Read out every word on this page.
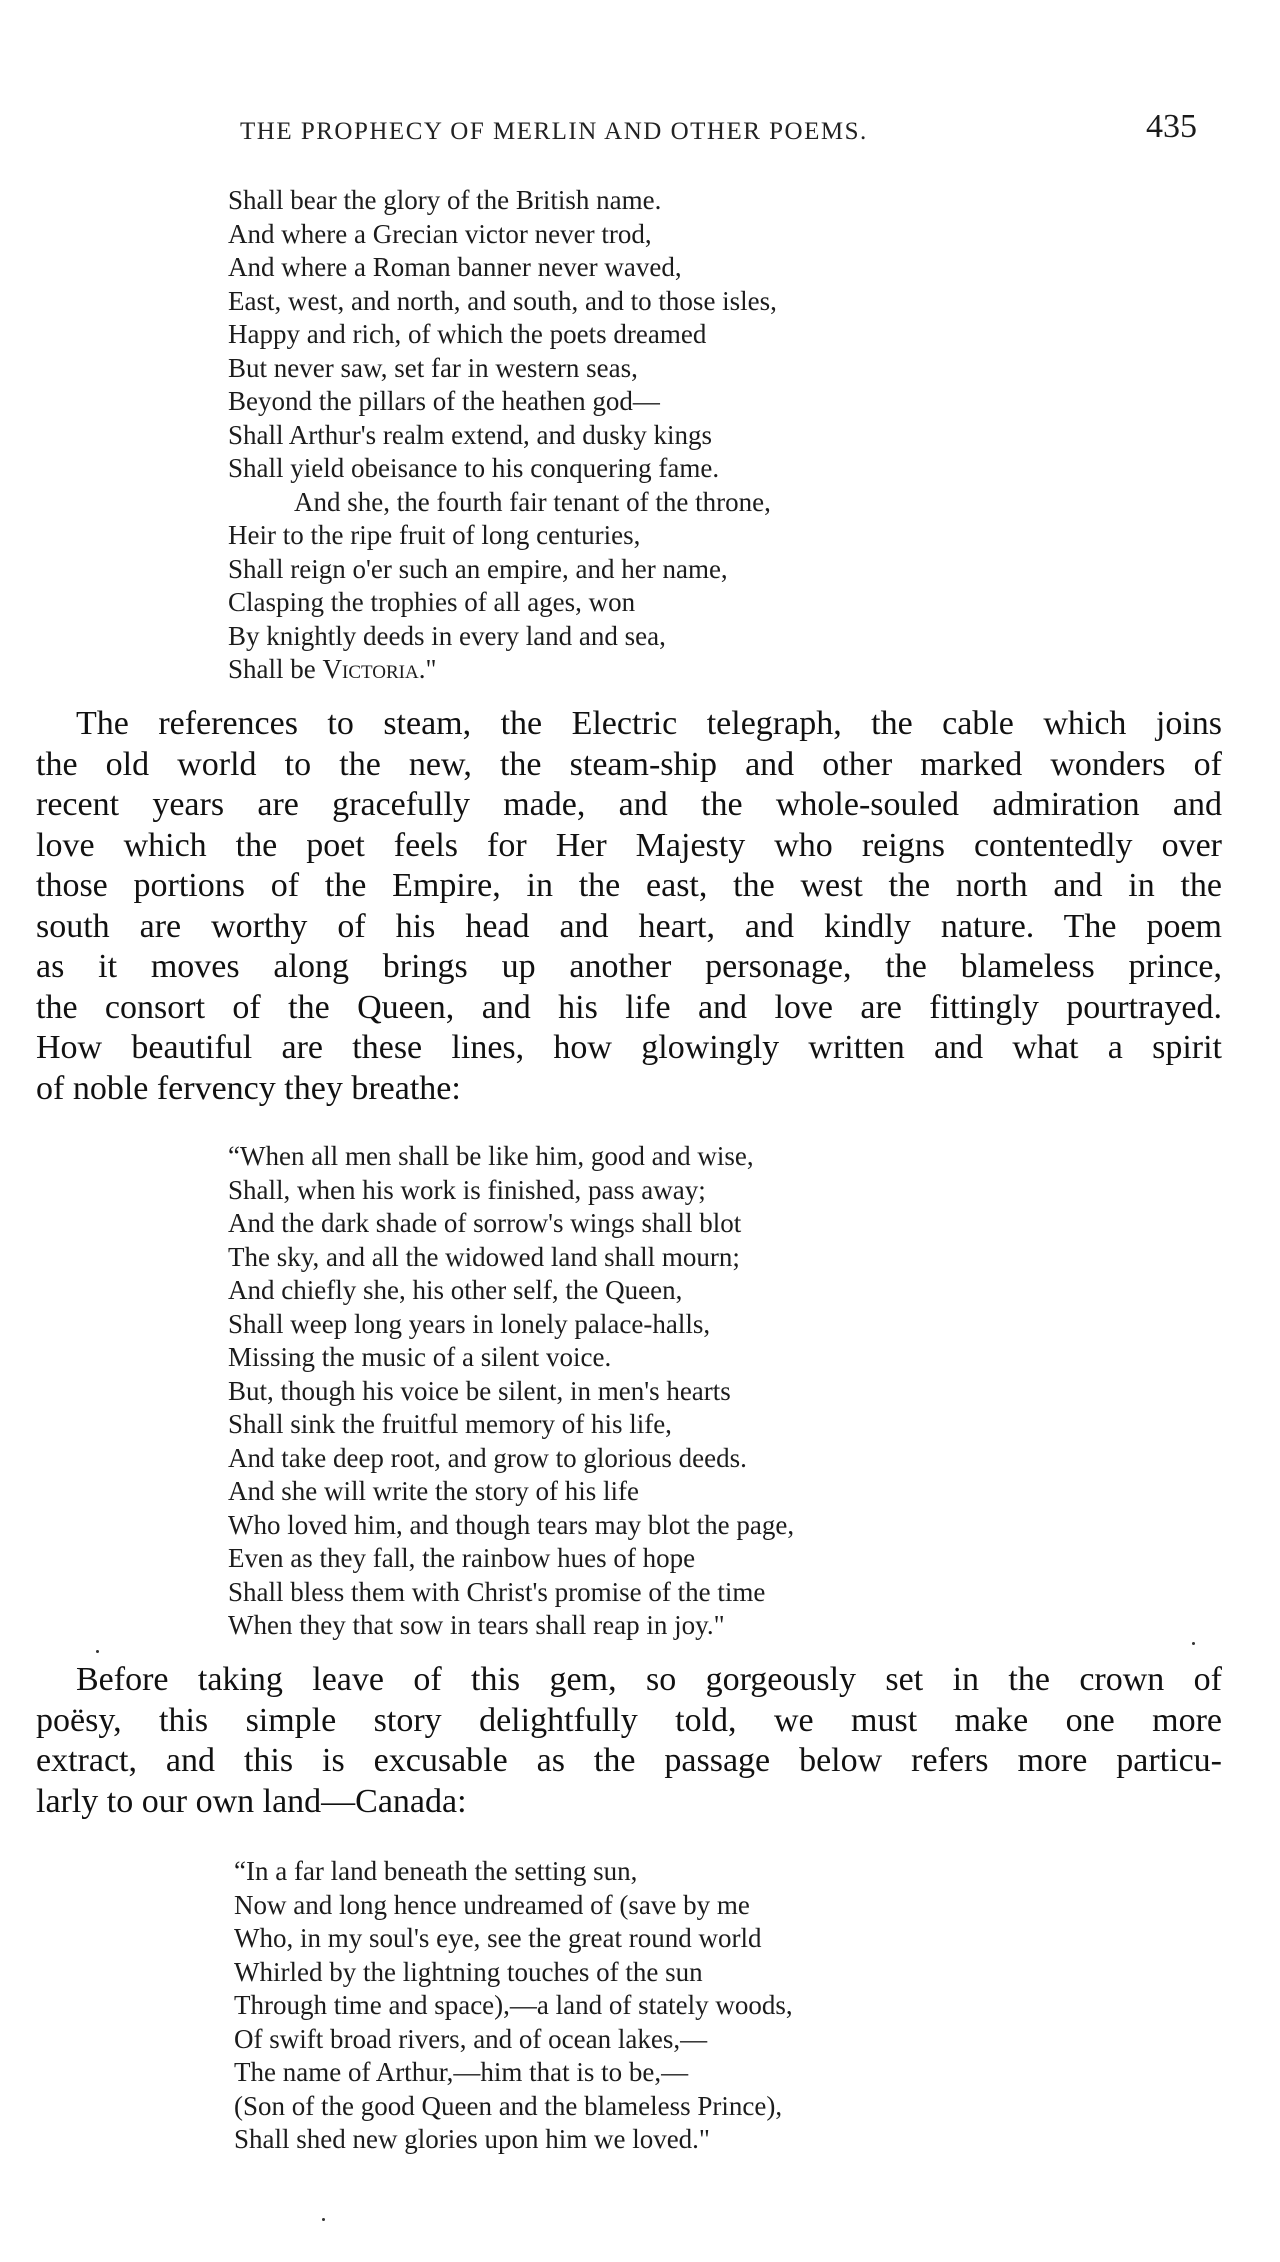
THE PROPHECY OF MERLIN AND OTHER POEMS.	435
Shall bear the glory of the British name.
And where a Grecian victor never trod,
And where a Roman banner never waved,
East, west, and north, and south, and to those isles,
Happy and rich, of which the poets dreamed
But never saw, set far in western seas,
Beyond the pillars of the heathen god—
Shall Arthur's realm extend, and dusky kings
Shall yield obeisance to his conquering fame.
And she, the fourth fair tenant of the throne,
Heir to the ripe fruit of long centuries,
Shall reign o'er such an empire, and her name,
Clasping the trophies of all ages, won
By knightly deeds in every land and sea,
Shall be Victoria."
The references to steam, the Electric telegraph, the cable which joins
the old world to the new, the steam-ship and other marked wonders of
recent years are gracefully made, and the whole-souled admiration and
love which the poet feels for Her Majesty who reigns contentedly over
those portions of the Empire, in the east, the west the north and in the
south are worthy of his head and heart, and kindly nature. The poem
as it moves along brings up another personage, the blameless prince,
the consort of the Queen, and his life and love are fittingly pourtrayed.
How beautiful are these lines, how glowingly written and what a spirit
of noble fervency they breathe:
“When all men shall be like him, good and wise,
Shall, when his work is finished, pass away;
And the dark shade of sorrow's wings shall blot
The sky, and all the widowed land shall mourn;
And chiefly she, his other self, the Queen,
Shall weep long years in lonely palace-halls,
Missing the music of a silent voice.
But, though his voice be silent, in men's hearts
Shall sink the fruitful memory of his life,
And take deep root, and grow to glorious deeds.
And she will write the story of his life
Who loved him, and though tears may blot the page,
Even as they fall, the rainbow hues of hope
Shall bless them with Christ's promise of the time
When they that sow in tears shall reap in joy."
Before taking leave of this gem, so gorgeously set in the crown of
poësy, this simple story delightfully told, we must make one more
extract, and this is excusable as the passage below refers more particu-
larly to our own land—Canada:
“In a far land beneath the setting sun,
Now and long hence undreamed of (save by me
Who, in my soul's eye, see the great round world
Whirled by the lightning touches of the sun
Through time and space),—a land of stately woods,
Of swift broad rivers, and of ocean lakes,—
The name of Arthur,—him that is to be,—
(Son of the good Queen and the blameless Prince),
Shall shed new glories upon him we loved."
